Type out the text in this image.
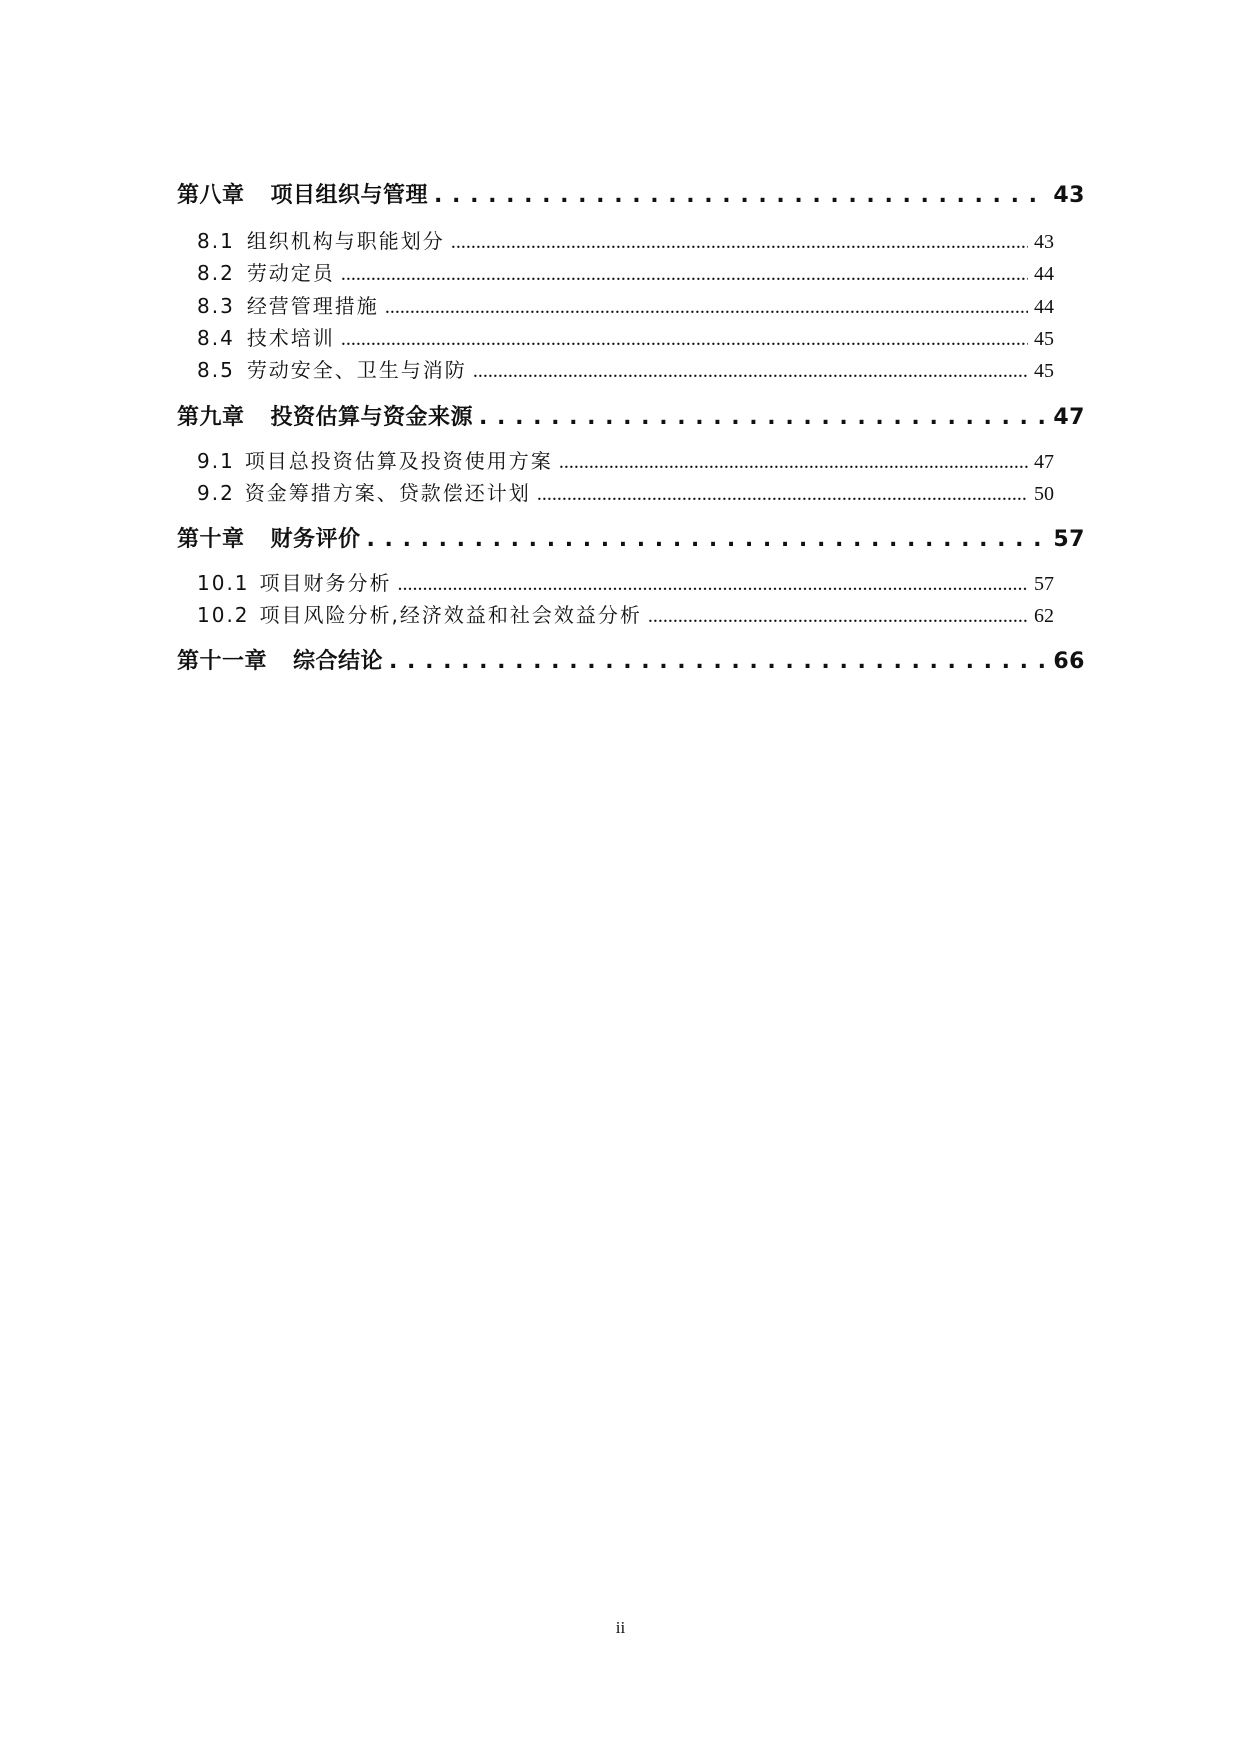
第八章 项目组织与管理 . . .	43
8.1 组织机构与职能划分 .....	43
8.2 劳动定员 .....	44
8.3 经营管理措施 .....	44
8.4 技术培训 .....	45
8.5 劳动安全、卫生与消防 .....	45
第九章 投资估算与资金来源 . . .	47
9.1 项目总投资估算及投资使用方案 .....	47
9.2 资金筹措方案、贷款偿还计划 .....	50
第十章 财务评价 . . .	57
10.1 项目财务分析 .....	57
10.2 项目风险分析,经济效益和社会效益分析 .....	62
第十一章 综合结论 . . .	66
ii
